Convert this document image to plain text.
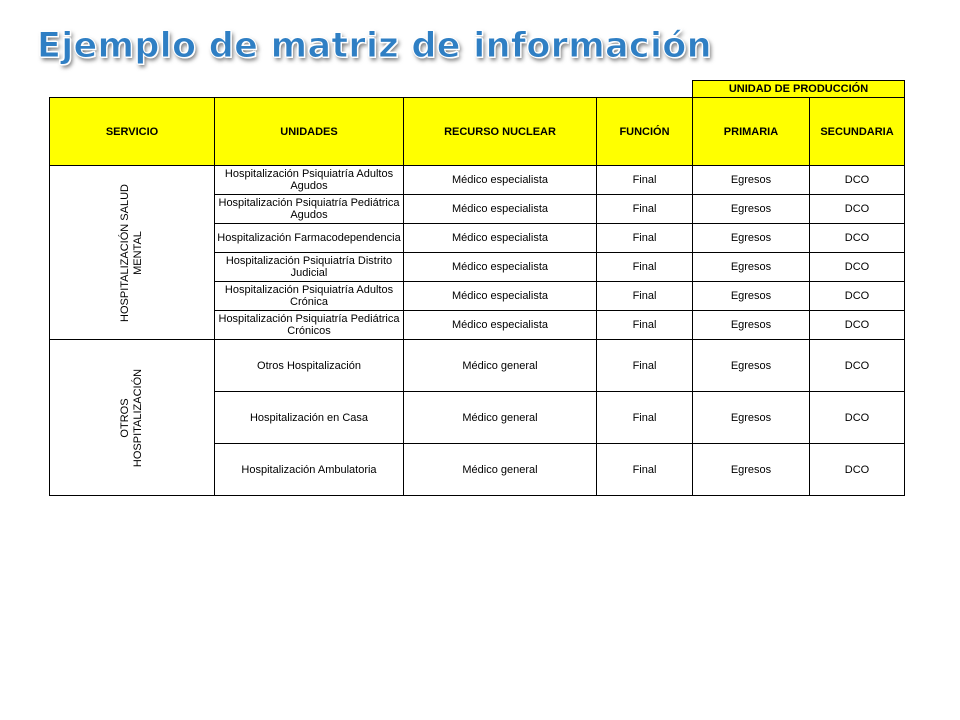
Ejemplo de matriz de información
				UNIDAD DE PRODUCCIÓN	
SERVICIO	UNIDADES	RECURSO NUCLEAR	FUNCIÓN	PRIMARIA	SECUNDARIA

HOSPITALIZACIÓN SALUD MENTAL	Hospitalización Psiquiatría Adultos Agudos	Médico especialista	Final	Egresos	DCO
	Hospitalización Psiquiatría Pediátrica Agudos	Médico especialista	Final	Egresos	DCO
	Hospitalización Farmacodependencia	Médico especialista	Final	Egresos	DCO
	Hospitalización Psiquiatría Distrito Judicial	Médico especialista	Final	Egresos	DCO
	Hospitalización Psiquiatría Adultos Crónica	Médico especialista	Final	Egresos	DCO
	Hospitalización Psiquiatría Pediátrica Crónicos	Médico especialista	Final	Egresos	DCO

OTROS HOSPITALIZACIÓN	Otros Hospitalización	Médico general	Final	Egresos	DCO
	Hospitalización en Casa	Médico general	Final	Egresos	DCO
	Hospitalización Ambulatoria	Médico general	Final	Egresos	DCO
